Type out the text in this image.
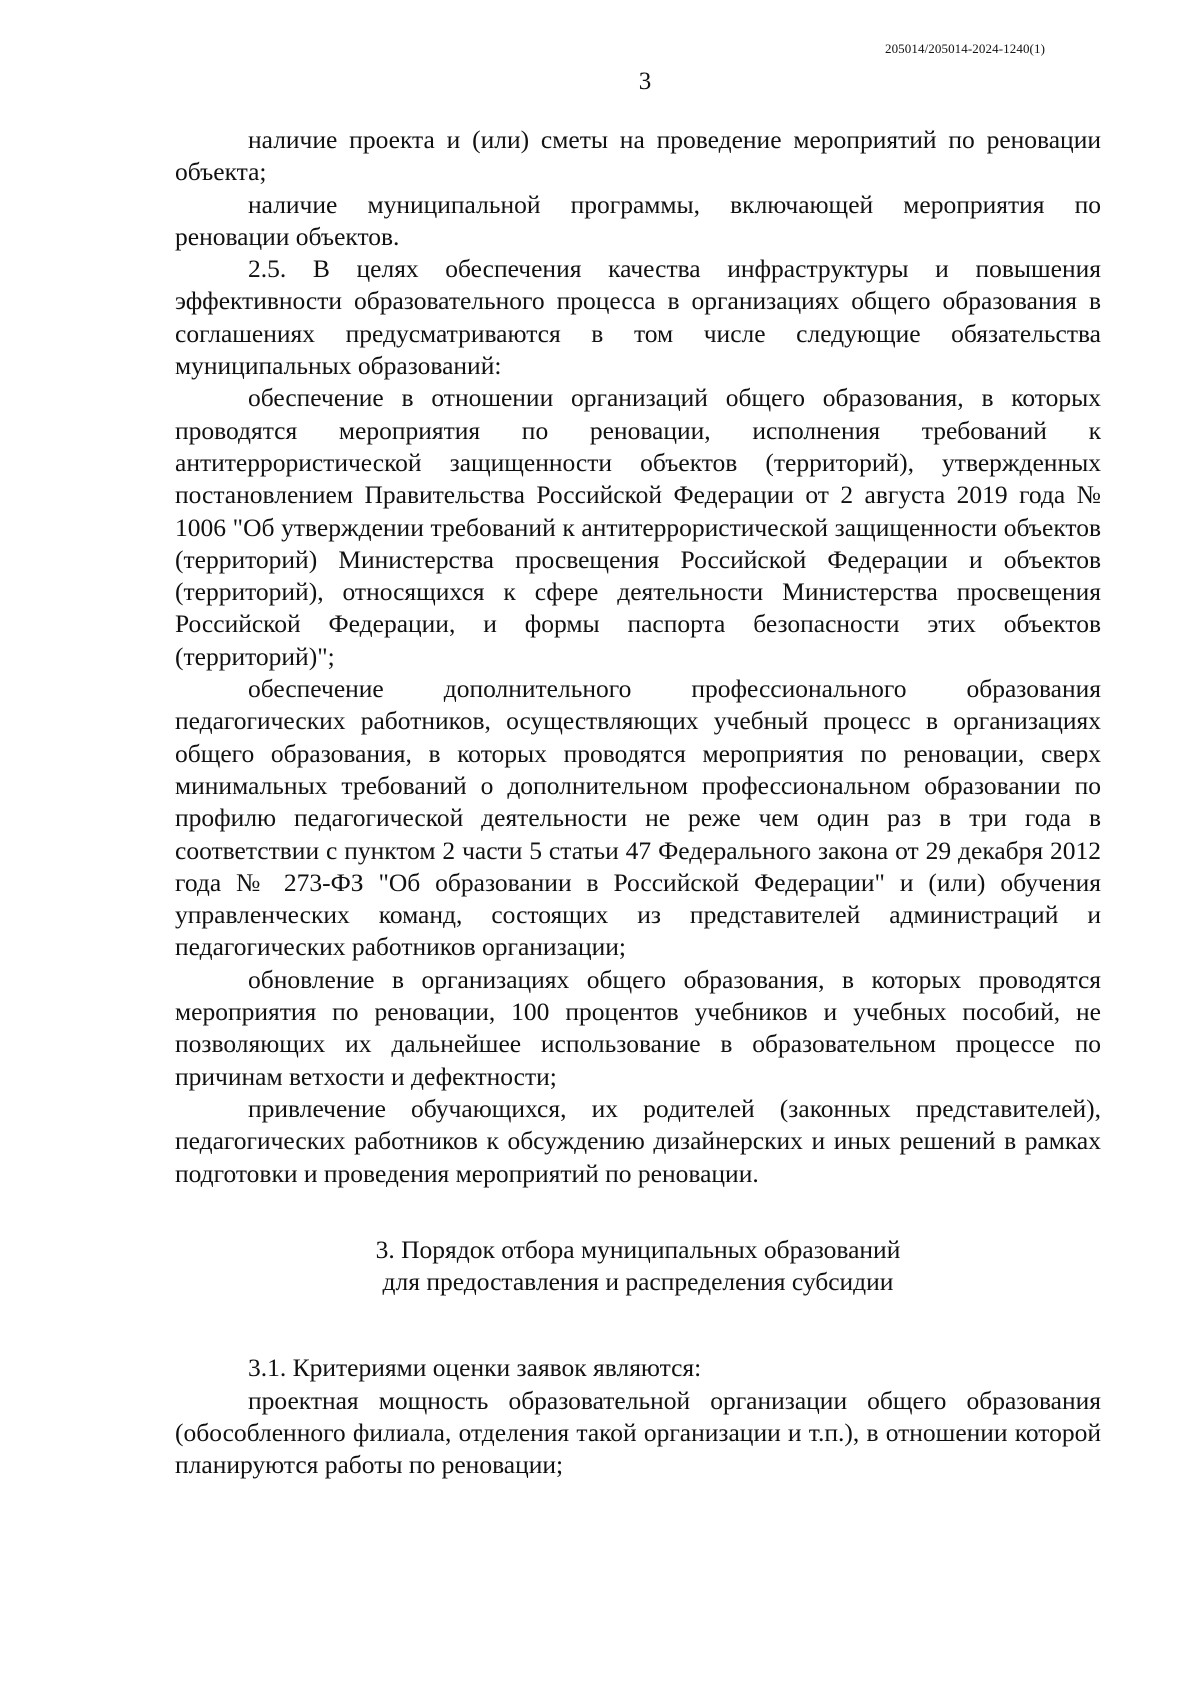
205014/205014-2024-1240(1)
3

наличие проекта и (или) сметы на проведение мероприятий по реновации объекта;

наличие муниципальной программы, включающей мероприятия по реновации объектов.

2.5. В целях обеспечения качества инфраструктуры и повышения эффективности образовательного процесса в организациях общего образования в соглашениях предусматриваются в том числе следующие обязательства муниципальных образований:

обеспечение в отношении организаций общего образования, в которых проводятся мероприятия по реновации, исполнения требований к антитеррористической защищенности объектов (территорий), утвержденных постановлением Правительства Российской Федерации от 2 августа 2019 года № 1006 "Об утверждении требований к антитеррористической защищенности объектов (территорий) Министерства просвещения Российской Федерации и объектов (территорий), относящихся к сфере деятельности Министерства просвещения Российской Федерации, и формы паспорта безопасности этих объектов (территорий)";

обеспечение дополнительного профессионального образования педагогических работников, осуществляющих учебный процесс в организациях общего образования, в которых проводятся мероприятия по реновации, сверх минимальных требований о дополнительном профессиональном образовании по профилю педагогической деятельности не реже чем один раз в три года в соответствии с пунктом 2 части 5 статьи 47 Федерального закона от 29 декабря 2012 года № 273-ФЗ "Об образовании в Российской Федерации" и (или) обучения управленческих команд, состоящих из представителей администраций и педагогических работников организации;

обновление в организациях общего образования, в которых проводятся мероприятия по реновации, 100 процентов учебников и учебных пособий, не позволяющих их дальнейшее использование в образовательном процессе по причинам ветхости и дефектности;

привлечение обучающихся, их родителей (законных представителей), педагогических работников к обсуждению дизайнерских и иных решений в рамках подготовки и проведения мероприятий по реновации.

3. Порядок отбора муниципальных образований
для предоставления и распределения субсидии

3.1. Критериями оценки заявок являются:

проектная мощность образовательной организации общего образования (обособленного филиала, отделения такой организации и т.п.), в отношении которой планируются работы по реновации;
